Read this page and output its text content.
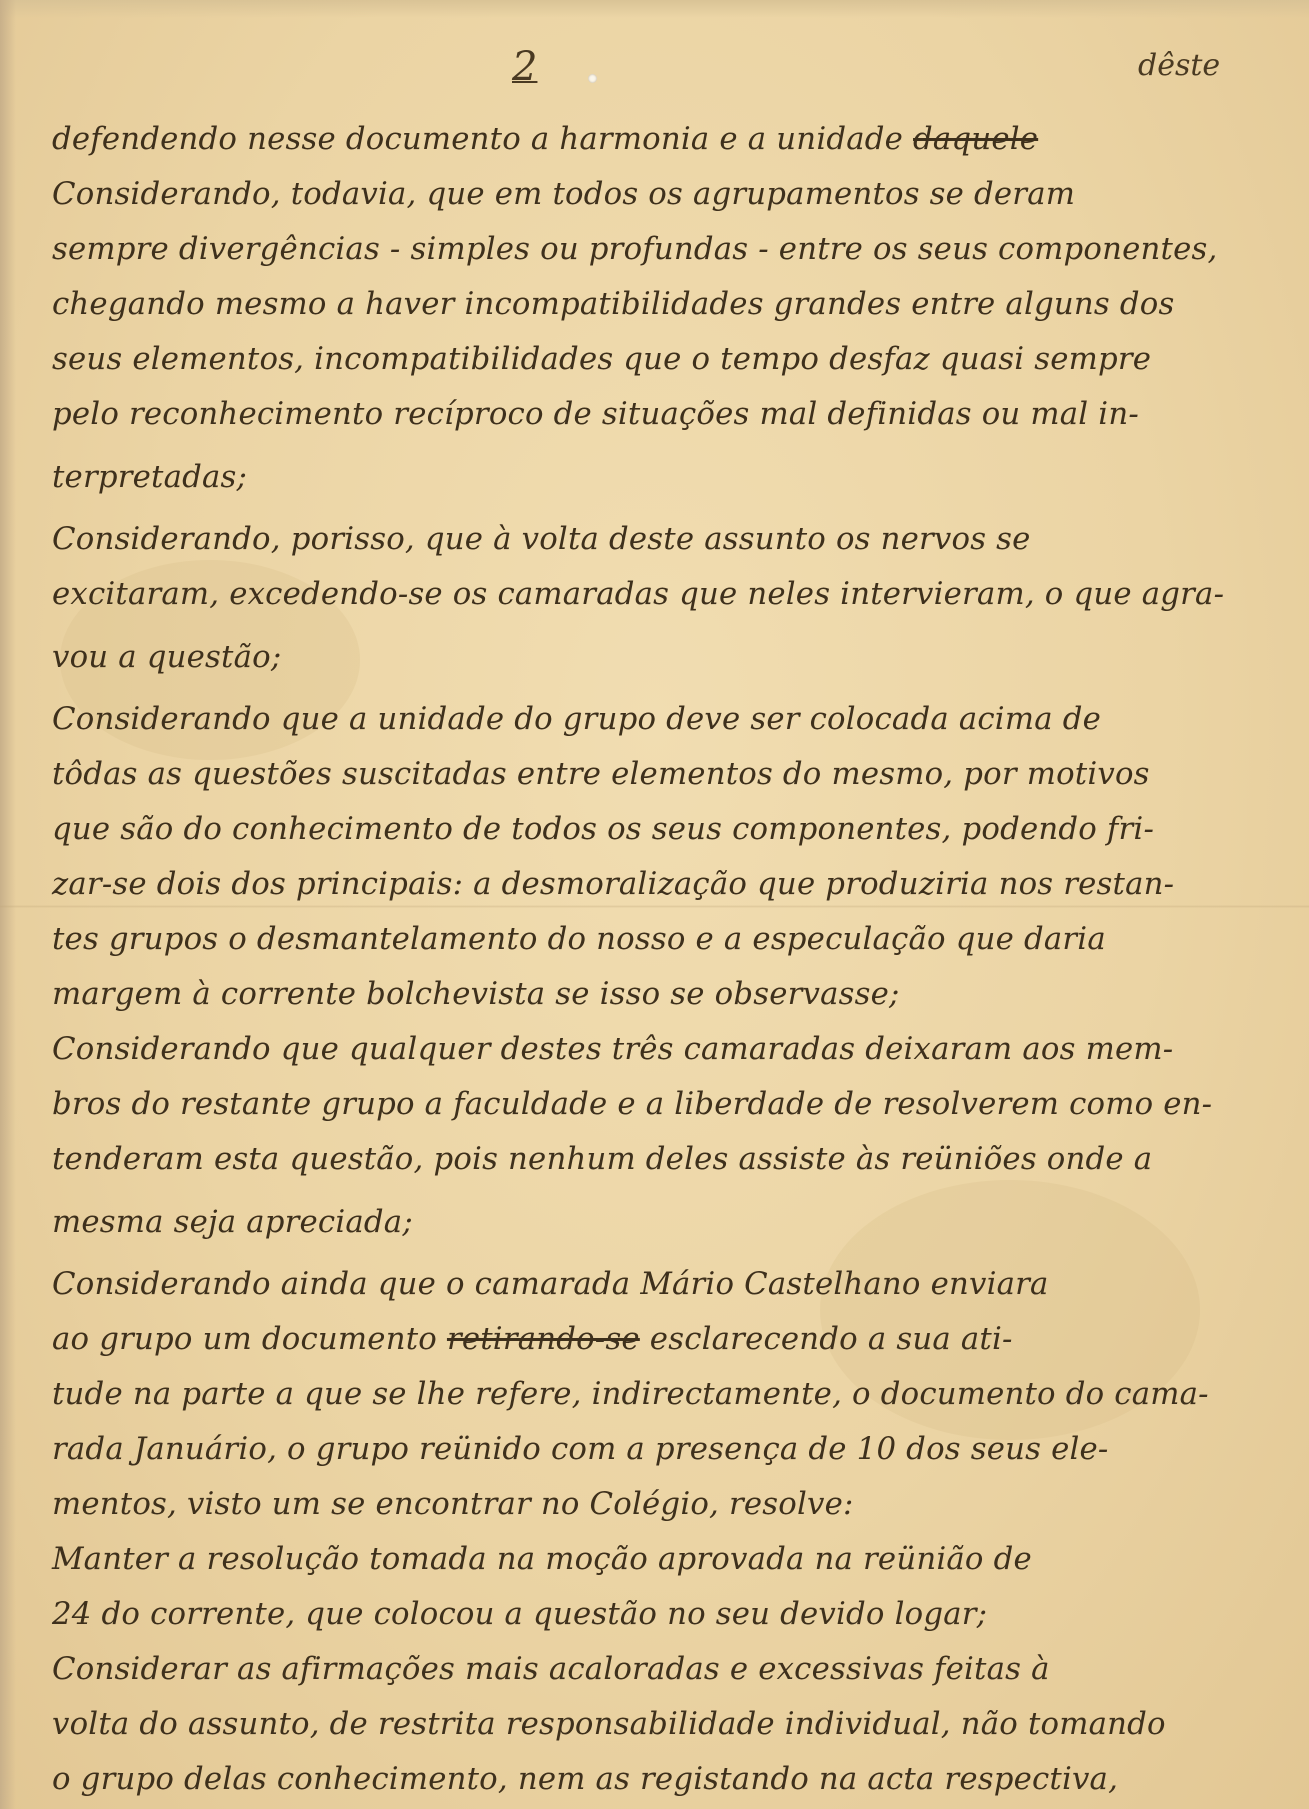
2	dêste
defendendo nesse documento a harmonia e a unidade daquele
Considerando, todavia, que em todos os agrupamentos se deram
sempre divergências - simples ou profundas - entre os seus componentes,
chegando mesmo a haver incompatibilidades grandes entre alguns dos
seus elementos, incompatibilidades que o tempo desfaz quasi sempre
pelo reconhecimento recíproco de situações mal definidas ou mal in-
terpretadas;
Considerando, porisso, que à volta deste assunto os nervos se
excitaram, excedendo-se os camaradas que neles intervieram, o que agra-
vou a questão;
Considerando que a unidade do grupo deve ser colocada acima de
tôdas as questões suscitadas entre elementos do mesmo, por motivos
que são do conhecimento de todos os seus componentes, podendo fri-
zar-se dois dos principais: a desmoralização que produziria nos restan-
tes grupos o desmantelamento do nosso e a especulação que daria
margem à corrente bolchevista se isso se observasse;
Considerando que qualquer destes três camaradas deixaram aos mem-
bros do restante grupo a faculdade e a liberdade de resolverem como en-
tenderam esta questão, pois nenhum deles assiste às reüniões onde a
mesma seja apreciada;
Considerando ainda que o camarada Mário Castelhano enviara
ao grupo um documento retirando-se esclarecendo a sua ati-
tude na parte a que se lhe refere, indirectamente, o documento do cama-
rada Januário, o grupo reünido com a presença de 10 dos seus ele-
mentos, visto um se encontrar no Colégio, resolve:
Manter a resolução tomada na moção aprovada na reünião de
24 do corrente, que colocou a questão no seu devido logar;
Considerar as afirmações mais acaloradas e excessivas feitas à
volta do assunto, de restrita responsabilidade individual, não tomando
o grupo delas conhecimento, nem as registando na acta respectiva,
